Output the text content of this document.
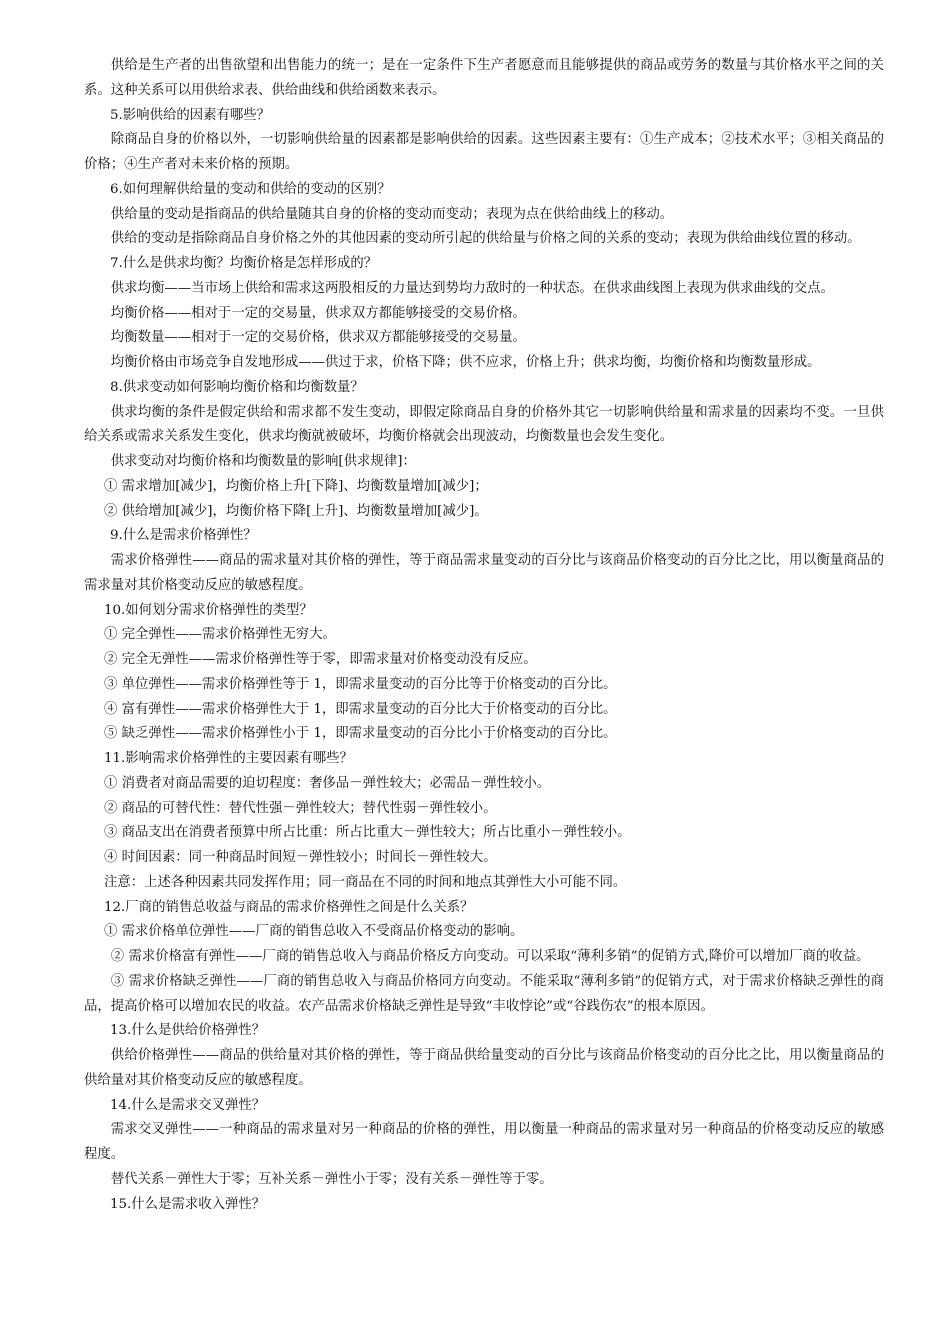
供给是生产者的出售欲望和出售能力的统一；是在一定条件下生产者愿意而且能够提供的商品或劳务的数量与其价格水平之间的关系。这种关系可以用供给求表、供给曲线和供给函数来表示。
5.影响供给的因素有哪些？
除商品自身的价格以外，一切影响供给量的因素都是影响供给的因素。这些因素主要有：①生产成本；②技术水平；③相关商品的价格；④生产者对未来价格的预期。
6.如何理解供给量的变动和供给的变动的区别？
供给量的变动是指商品的供给量随其自身的价格的变动而变动；表现为点在供给曲线上的移动。
供给的变动是指除商品自身价格之外的其他因素的变动所引起的供给量与价格之间的关系的变动；表现为供给曲线位置的移动。
7.什么是供求均衡？均衡价格是怎样形成的？
供求均衡——当市场上供给和需求这两股相反的力量达到势均力敌时的一种状态。在供求曲线图上表现为供求曲线的交点。
均衡价格——相对于一定的交易量，供求双方都能够接受的交易价格。
均衡数量——相对于一定的交易价格，供求双方都能够接受的交易量。
均衡价格由市场竞争自发地形成——供过于求，价格下降；供不应求，价格上升；供求均衡，均衡价格和均衡数量形成。
8.供求变动如何影响均衡价格和均衡数量？
供求均衡的条件是假定供给和需求都不发生变动，即假定除商品自身的价格外其它一切影响供给量和需求量的因素均不变。一旦供给关系或需求关系发生变化，供求均衡就被破坏，均衡价格就会出现波动，均衡数量也会发生变化。
供求变动对均衡价格和均衡数量的影响[供求规律]：
① 需求增加[减少]，均衡价格上升[下降]、均衡数量增加[减少]；
② 供给增加[减少]，均衡价格下降[上升]、均衡数量增加[减少]。
9.什么是需求价格弹性？
需求价格弹性——商品的需求量对其价格的弹性，等于商品需求量变动的百分比与该商品价格变动的百分比之比，用以衡量商品的需求量对其价格变动反应的敏感程度。
10.如何划分需求价格弹性的类型？
① 完全弹性——需求价格弹性无穷大。
② 完全无弹性——需求价格弹性等于零，即需求量对价格变动没有反应。
③ 单位弹性——需求价格弹性等于 1，即需求量变动的百分比等于价格变动的百分比。
④ 富有弹性——需求价格弹性大于 1，即需求量变动的百分比大于价格变动的百分比。
⑤ 缺乏弹性——需求价格弹性小于 1，即需求量变动的百分比小于价格变动的百分比。
11.影响需求价格弹性的主要因素有哪些？
① 消费者对商品需要的迫切程度：奢侈品－弹性较大；必需品－弹性较小。
② 商品的可替代性：替代性强－弹性较大；替代性弱－弹性较小。
③ 商品支出在消费者预算中所占比重：所占比重大－弹性较大；所占比重小－弹性较小。
④ 时间因素：同一种商品时间短－弹性较小；时间长－弹性较大。
注意：上述各种因素共同发挥作用；同一商品在不同的时间和地点其弹性大小可能不同。
12.厂商的销售总收益与商品的需求价格弹性之间是什么关系？
① 需求价格单位弹性——厂商的销售总收入不受商品价格变动的影响。
② 需求价格富有弹性——厂商的销售总收入与商品价格反方向变动。可以采取“薄利多销”的促销方式,降价可以增加厂商的收益。
③ 需求价格缺乏弹性——厂商的销售总收入与商品价格同方向变动。不能采取“薄利多销”的促销方式，对于需求价格缺乏弹性的商品，提高价格可以增加农民的收益。农产品需求价格缺乏弹性是导致“丰收悖论”或“谷践伤农”的根本原因。
13.什么是供给价格弹性？
供给价格弹性——商品的供给量对其价格的弹性，等于商品供给量变动的百分比与该商品价格变动的百分比之比，用以衡量商品的供给量对其价格变动反应的敏感程度。
14.什么是需求交叉弹性？
需求交叉弹性——一种商品的需求量对另一种商品的价格的弹性，用以衡量一种商品的需求量对另一种商品的价格变动反应的敏感程度。
替代关系－弹性大于零；互补关系－弹性小于零；没有关系－弹性等于零。
15.什么是需求收入弹性？
